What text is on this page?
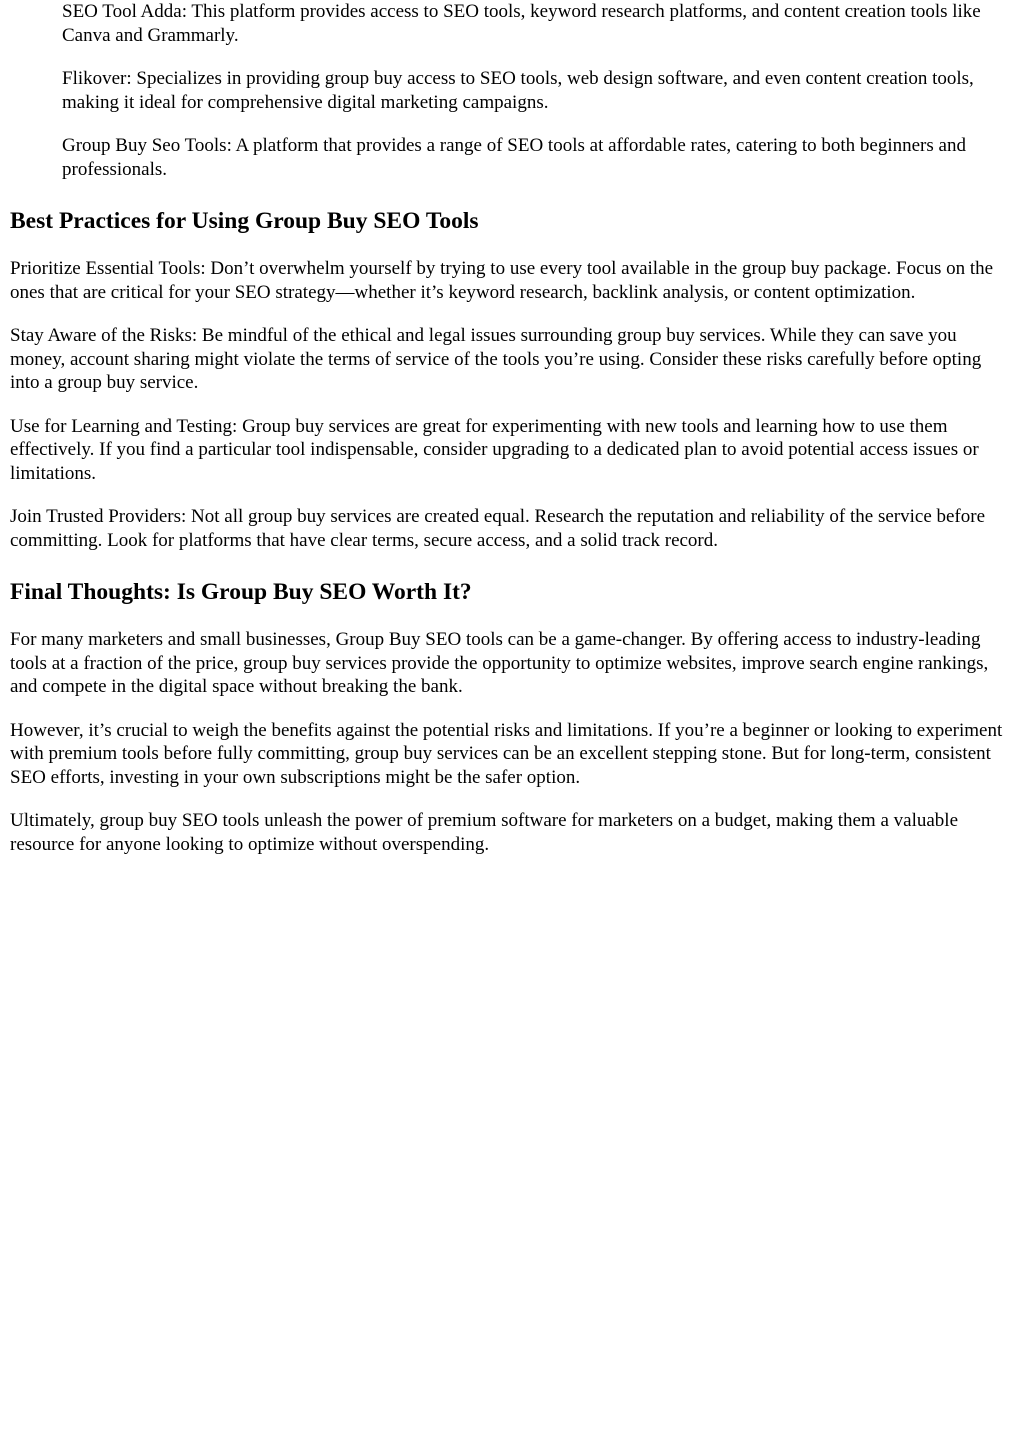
SEO Tool Adda: This platform provides access to SEO tools, keyword research platforms, and content creation tools like Canva and Grammarly.

Flikover: Specializes in providing group buy access to SEO tools, web design software, and even content creation tools, making it ideal for comprehensive digital marketing campaigns.

Group Buy Seo Tools: A platform that provides a range of SEO tools at affordable rates, catering to both beginners and professionals.

Best Practices for Using Group Buy SEO Tools

Prioritize Essential Tools: Don’t overwhelm yourself by trying to use every tool available in the group buy package. Focus on the ones that are critical for your SEO strategy—whether it’s keyword research, backlink analysis, or content optimization.

Stay Aware of the Risks: Be mindful of the ethical and legal issues surrounding group buy services. While they can save you money, account sharing might violate the terms of service of the tools you’re using. Consider these risks carefully before opting into a group buy service.

Use for Learning and Testing: Group buy services are great for experimenting with new tools and learning how to use them effectively. If you find a particular tool indispensable, consider upgrading to a dedicated plan to avoid potential access issues or limitations.

Join Trusted Providers: Not all group buy services are created equal. Research the reputation and reliability of the service before committing. Look for platforms that have clear terms, secure access, and a solid track record.

Final Thoughts: Is Group Buy SEO Worth It?

For many marketers and small businesses, Group Buy SEO tools can be a game-changer. By offering access to industry-leading tools at a fraction of the price, group buy services provide the opportunity to optimize websites, improve search engine rankings, and compete in the digital space without breaking the bank.

However, it’s crucial to weigh the benefits against the potential risks and limitations. If you’re a beginner or looking to experiment with premium tools before fully committing, group buy services can be an excellent stepping stone. But for long-term, consistent SEO efforts, investing in your own subscriptions might be the safer option.

Ultimately, group buy SEO tools unleash the power of premium software for marketers on a budget, making them a valuable resource for anyone looking to optimize without overspending.
